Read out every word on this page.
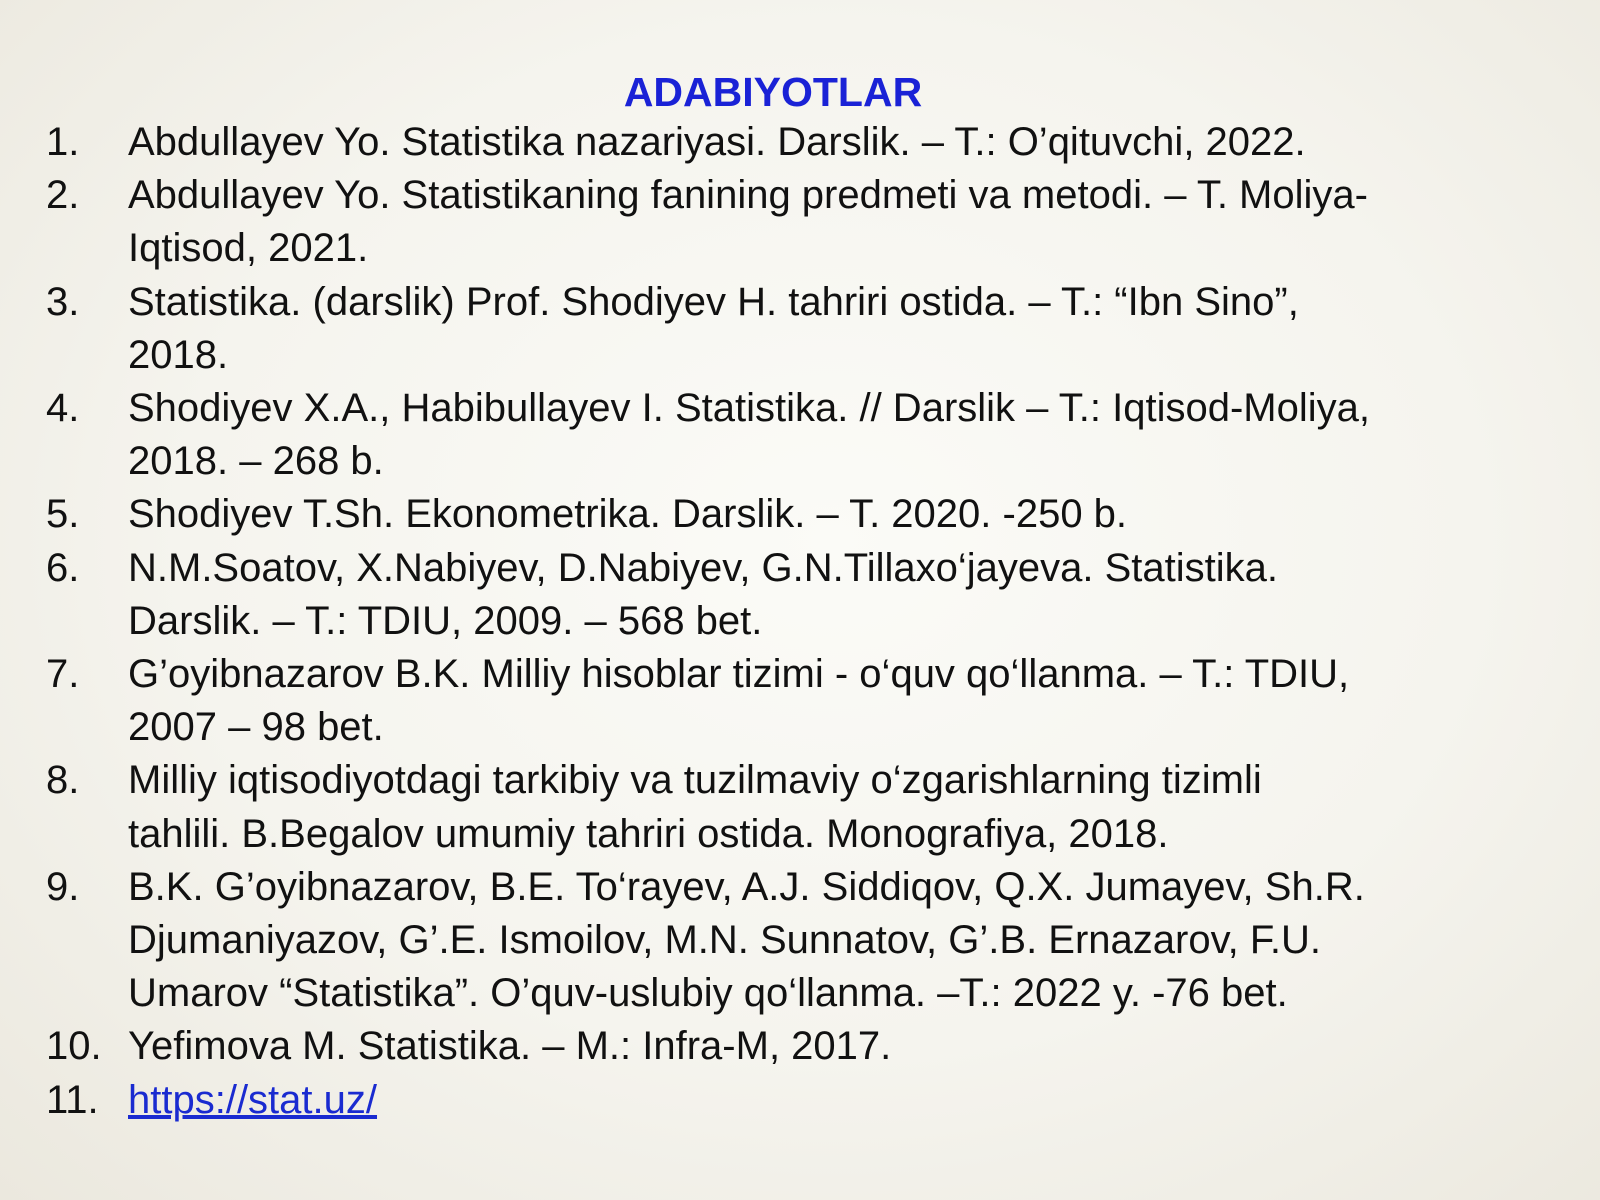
ADABIYOTLAR
1.	Abdullayev Yo. Statistika nazariyasi. Darslik. – T.: O’qituvchi, 2022.
2.	Abdullayev Yo. Statistikaning fanining predmeti va metodi. – T. Moliya-
Iqtisod, 2021.
3.	Statistika. (darslik) Prof. Shodiyev H. tahriri ostida. – T.: “Ibn Sino”,
2018.
4.	Shodiyev X.A., Habibullayev I. Statistika. // Darslik – T.: Iqtisod-Moliya,
2018. – 268 b.
5.	Shodiyev T.Sh. Ekonometrika. Darslik. – T. 2020. -250 b.
6.	N.M.Soatov, X.Nabiyev, D.Nabiyev, G.N.Tillaxo‘jayeva. Statistika.
Darslik. – T.: TDIU, 2009. – 568 bet.
7.	G’oyibnazarov B.K. Milliy hisoblar tizimi - o‘quv qo‘llanma. – T.: TDIU,
2007 – 98 bet.
8.	Milliy iqtisodiyotdagi tarkibiy va tuzilmaviy o‘zgarishlarning tizimli
tahlili. B.Begalov umumiy tahriri ostida. Monografiya, 2018.
9.	B.K. G’oyibnazarov, B.E. To‘rayev, A.J. Siddiqov, Q.X. Jumayev, Sh.R.
Djumaniyazov, G’.E. Ismoilov, M.N. Sunnatov, G’.B. Ernazarov, F.U.
Umarov “Statistika”. O’quv-uslubiy qo‘llanma. –T.: 2022 y. -76 bet.
10. Yefimova M. Statistika. – M.: Infra-M, 2017.
11. https://stat.uz/
